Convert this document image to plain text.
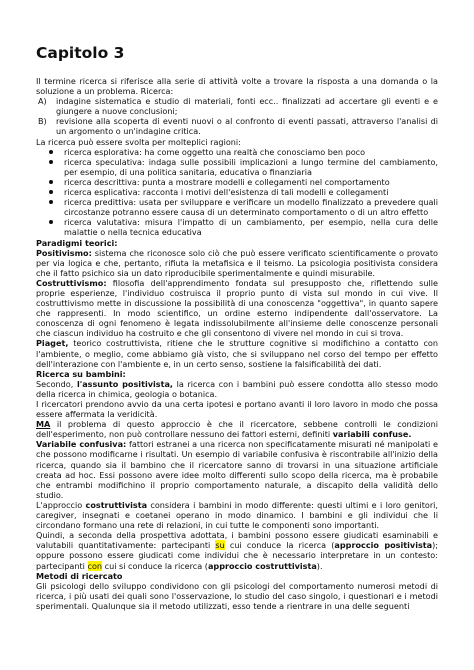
Capitolo 3

Il termine ricerca si riferisce alla serie di attività volte a trovare la risposta a una domanda o la soluzione a un problema. Ricerca:

A) indagine sistematica e studio di materiali, fonti ecc.. finalizzati ad accertare gli eventi e e giungere a nuove conclusioni;
B) revisione alla scoperta di eventi nuovi o al confronto di eventi passati, attraverso l'analisi di un argomento o un'indagine critica.

La ricerca può essere svolta per molteplici ragioni:

ricerca esplorativa: ha come oggetto una realtà che conosciamo ben poco
ricerca speculativa: indaga sulle possibili implicazioni a lungo termine del cambiamento, per esempio, di una politica sanitaria, educativa o finanziaria
ricerca descrittiva: punta a mostrare modelli e collegamenti nel comportamento
ricerca esplicativa: racconta i motivi dell'esistenza di tali modelli e collegamenti
ricerca predittiva: usata per sviluppare e verificare un modello finalizzato a prevedere quali circostanze potranno essere causa di un determinato comportamento o di un altro effetto
ricerca valutativa: misura l'impatto di un cambiamento, per esempio, nella cura delle malattie o nella tecnica educativa

Paradigmi teorici:

Positivismo: sistema che riconosce solo ciò che può essere verificato scientificamente o provato per via logica e che, pertanto, rifiuta la metafisica e il teismo. La psicologia positivista considera che il fatto psichico sia un dato riproducibile sperimentalmente e quindi misurabile.

Costruttivismo: filosofia dell'apprendimento fondata sul presupposto che, riflettendo sulle proprie esperienze, l'individuo costruisca il proprio punto di vista sul mondo in cui vive. Il costruttivismo mette in discussione la possibilità di una conoscenza "oggettiva", in quanto sapere che rappresenti. In modo scientifico, un ordine esterno indipendente dall'osservatore. La conoscenza di ogni fenomeno è legata indissolubilmente all'insieme delle conoscenze personali che ciascun individuo ha costruito e che gli consentono di vivere nel mondo in cui si trova.

Piaget, teorico costruttivista, ritiene che le strutture cognitive si modifichino a contatto con l'ambiente, o meglio, come abbiamo già visto, che si sviluppano nel corso del tempo per effetto dell'interazione con l'ambiente e, in un certo senso, sostiene la falsificabilità dei dati.

Ricerca su bambini:

Secondo, l'assunto positivista, la ricerca con i bambini può essere condotta allo stesso modo della ricerca in chimica, geologia o botanica.

I ricercatori prendono avvio da una certa ipotesi e portano avanti il loro lavoro in modo che possa essere affermata la veridicità.

MA il problema di questo approccio è che il ricercatore, sebbene controlli le condizioni dell'esperimento, non può controllare nessuno dei fattori esterni, definiti variabili confuse.

Variabile confusiva: fattori estranei a una ricerca non specificatamente misurati né manipolati e che possono modificarne i risultati. Un esempio di variabile confusiva è riscontrabile all'inizio della ricerca, quando sia il bambino che il ricercatore sanno di trovarsi in una situazione artificiale creata ad hoc. Essi possono avere idee molto differenti sullo scopo della ricerca, ma è probabile che entrambi modifichino il proprio comportamento naturale, a discapito della validità dello studio.

L'approccio costruttivista considera i bambini in modo differente: questi ultimi e i loro genitori, caregiver, insegnati e coetanei operano in modo dinamico. I bambini e gli individui che li circondano formano una rete di relazioni, in cui tutte le componenti sono importanti.

Quindi, a seconda della prospettiva adottata, i bambini possono essere giudicati esaminabili e valutabili quantitativamente: partecipanti su cui conduce la ricerca (approccio positivista); oppure possono essere giudicati come individui che è necessario interpretare in un contesto: partecipanti con cui si conduce la ricerca (approccio costruttivista).

Metodi di ricercato

Gli psicologi dello sviluppo condividono con gli psicologi del comportamento numerosi metodi di ricerca, i più usati dei quali sono l'osservazione, lo studio del caso singolo, i questionari e i metodi sperimentali. Qualunque sia il metodo utilizzati, esso tende a rientrare in una delle seguenti
